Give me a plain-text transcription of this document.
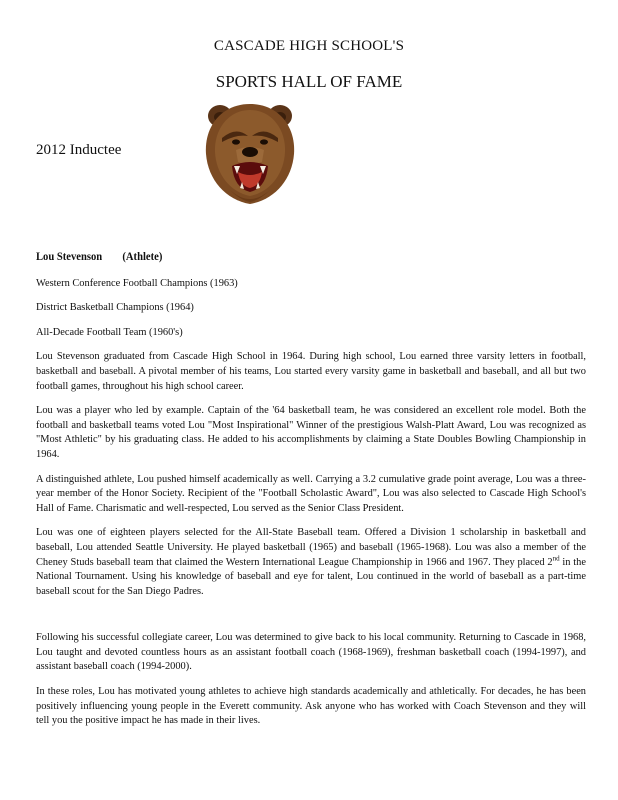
CASCADE HIGH SCHOOL'S
SPORTS HALL OF FAME
2012 Inductee
Lou Stevenson (Athlete)
Western Conference Football Champions (1963)
District Basketball Champions (1964)
All-Decade Football Team (1960's)

Lou Stevenson graduated from Cascade High School in 1964. During high school, Lou earned three varsity letters in football, basketball and baseball. A pivotal member of his teams, Lou started every varsity game in basketball and baseball, and all but two football games, throughout his high school career.

Lou was a player who led by example. Captain of the '64 basketball team, he was considered an excellent role model. Both the football and basketball teams voted Lou "Most Inspirational" Winner of the prestigious Walsh-Platt Award, Lou was recognized as "Most Athletic" by his graduating class. He added to his accomplishments by claiming a State Doubles Bowling Championship in 1964.

A distinguished athlete, Lou pushed himself academically as well. Carrying a 3.2 cumulative grade point average, Lou was a three-year member of the Honor Society. Recipient of the "Football Scholastic Award", Lou was also selected to Cascade High School's Hall of Fame. Charismatic and well-respected, Lou served as the Senior Class President.

Lou was one of eighteen players selected for the All-State Baseball team. Offered a Division 1 scholarship in basketball and baseball, Lou attended Seattle University. He played basketball (1965) and baseball (1965-1968). Lou was also a member of the Cheney Studs baseball team that claimed the Western International League Championship in 1966 and 1967. They placed 2nd in the National Tournament. Using his knowledge of baseball and eye for talent, Lou continued in the world of baseball as a part-time baseball scout for the San Diego Padres.

Following his successful collegiate career, Lou was determined to give back to his local community. Returning to Cascade in 1968, Lou taught and devoted countless hours as an assistant football coach (1968-1969), freshman basketball coach (1994-1997), and assistant baseball coach (1994-2000).

In these roles, Lou has motivated young athletes to achieve high standards academically and athletically. For decades, he has been positively influencing young people in the Everett community. Ask anyone who has worked with Coach Stevenson and they will tell you the positive impact he has made in their lives.
